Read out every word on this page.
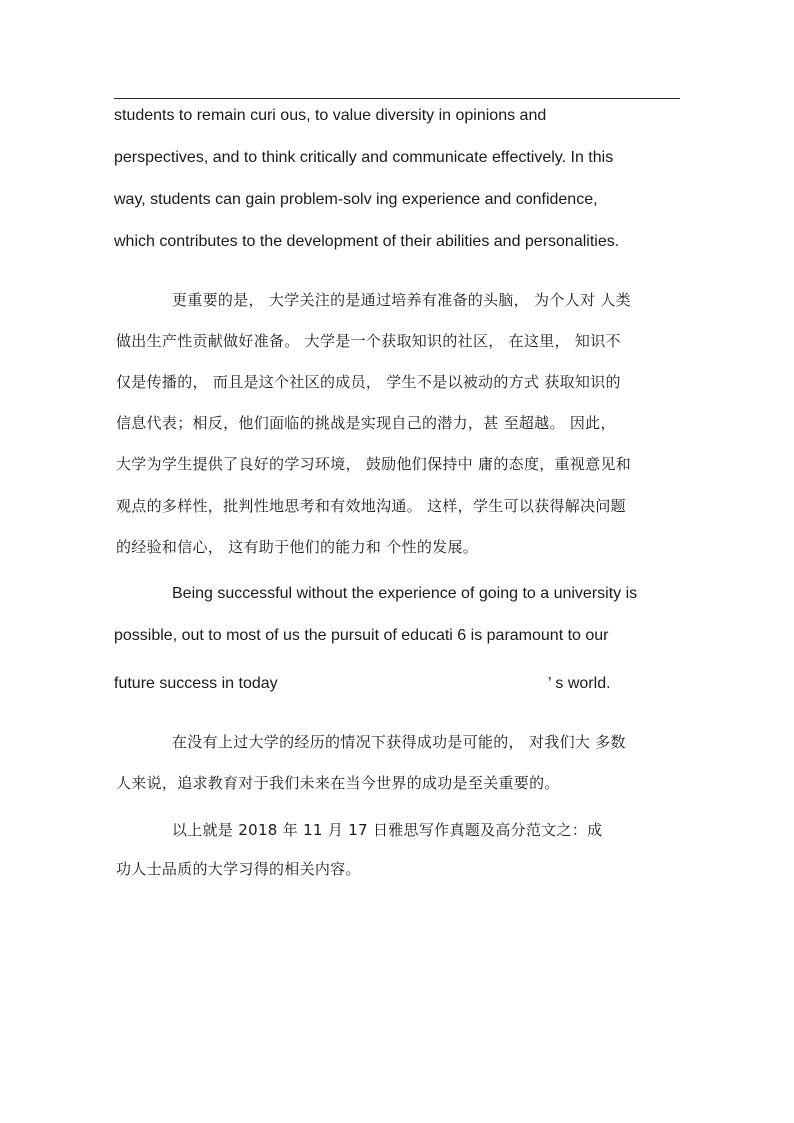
students to remain curi ous, to value diversity in opinions and
perspectives, and to think critically and communicate effectively. In this
way, students can gain problem-solv ing experience and confidence,
which contributes to the development of their abilities and personalities.
更重要的是， 大学关注的是通过培养有准备的头脑， 为个人对 人类
做出生产性贡献做好准备。 大学是一个获取知识的社区， 在这里， 知识不
仅是传播的， 而且是这个社区的成员， 学生不是以被动的方式 获取知识的
信息代表；相反，他们面临的挑战是实现自己的潜力，甚 至超越。 因此，
大学为学生提供了良好的学习环境， 鼓励他们保持中 庸的态度，重视意见和
观点的多样性，批判性地思考和有效地沟通。 这样，学生可以获得解决问题
的经验和信心， 这有助于他们的能力和 个性的发展。
Being successful without the experience of going to a university is
possible, out to most of us the pursuit of educati 6 is paramount to our
future success in today	’ s world.
在没有上过大学的经历的情况下获得成功是可能的， 对我们大 多数
人来说，追求教育对于我们未来在当今世界的成功是至关重要的。
以上就是 2018 年 11 月 17 日雅思写作真题及高分范文之：成
功人士品质的大学习得的相关内容。
